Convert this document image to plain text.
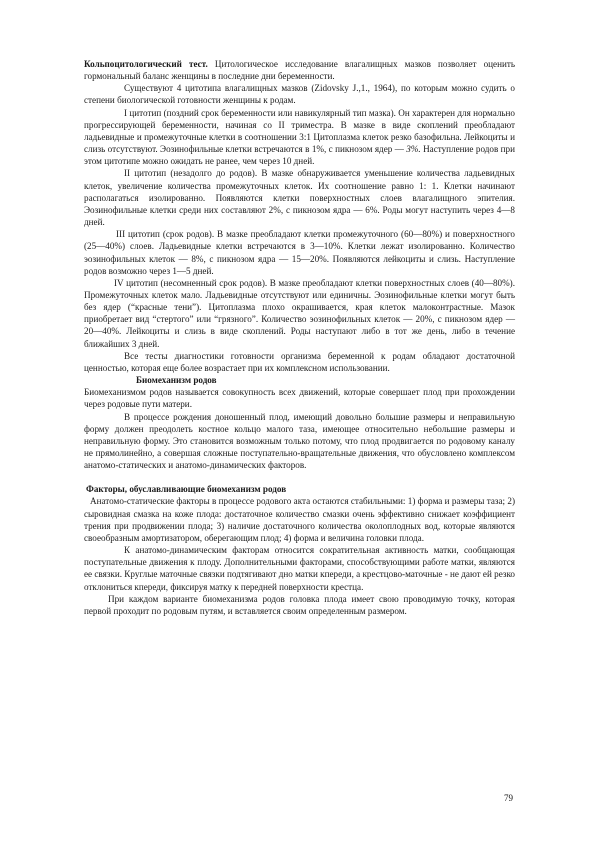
Кольпоцитологический тест. Цитологическое исследование влагалищных мазков позволяет оценить гормональный баланс женщины в последние дни беременности.

Существуют 4 цитотипа влагалищных мазков (Zidovsky J.,1., 1964), по которым можно судить о степени биологической готовности женщины к родам.

I цитотип (поздний срок беременности или навикулярный тип мазка). Он характерен для нормально прогрессирующей беременности, начиная со II триместра. В мазке в виде скоплений преобладают ладьевидные и промежуточные клетки в соотношении 3:1 Цитоплазма клеток резко базофильна. Лейкоциты и слизь отсутствуют. Эозинофильные клетки встречаются в 1%, с пикнозом ядер — 3%. Наступление родов при этом цитотипе можно ожидать не ранее, чем через 10 дней.

II цитотип (незадолго до родов). В мазке обнаруживается уменьшение количества ладьевидных клеток, увеличение количества промежуточных клеток. Их соотношение равно 1: 1. Клетки начинают располагаться изолированно. Появляются клетки поверхностных слоев влагалищного эпителия. Эозинофильные клетки среди них составляют 2%, с пикнозом ядра — 6%. Роды могут наступить через 4—8 дней.

III цитотип (срок родов). В мазке преобладают клетки промежуточного (60—80%) и поверхностного (25—40%) слоев. Ладьевидные клетки встречаются в 3—10%. Клетки лежат изолированно. Количество эозинофильных клеток — 8%, с пикнозом ядра — 15—20%. Появляются лейкоциты и слизь. Наступление родов возможно через 1—5 дней.

IV цитотип (несомненный срок родов). В мазке преобладают клетки поверхностных слоев (40—80%). Промежуточных клеток мало. Ладьевидные отсутствуют или единичны. Эозинофильные клетки могут быть без ядер (“красные тени”). Цитоплазма плохо окрашивается, края клеток малоконтрастные. Мазок приобретает вид “стертого” или “грязного”. Количество эозинофильных клеток — 20%, с пикнозом ядер — 20—40%. Лейкоциты и слизь в виде скоплений. Роды наступают либо в тот же день, либо в течение ближайших 3 дней.

Все тесты диагностики готовности организма беременной к родам обладают достаточной ценностью, которая еще более возрастает при их комплексном использовании.

Биомеханизм родов

Биомеханизмом родов называется совокупность всех движений, которые совершает плод при прохождении через родовые пути матери.

В процессе рождения доношенный плод, имеющий довольно большие размеры и неправильную форму должен преодолеть костное кольцо малого таза, имеющее относительно небольшие размеры и неправильную форму. Это становится возможным только потому, что плод продвигается по родовому каналу не прямолинейно, а совершая сложные поступательно-вращательные движения, что обусловлено комплексом анатомо-статических и анатомо-динамических факторов.

Факторы, обуславливающие биомеханизм родов

Анатомо-статические факторы в процессе родового акта остаются стабильными: 1) форма и размеры таза; 2) сыровидная смазка на коже плода: достаточное количество смазки очень эффективно снижает коэффициент трения при продвижении плода; 3) наличие достаточного количества околоплодных вод, которые являются своеобразным амортизатором, оберегающим плод; 4) форма и величина головки плода.

К анатомо-динамическим факторам относится сократительная активность матки, сообщающая поступательные движения к плоду. Дополнительными факторами, способствующими работе матки, являются ее связки. Круглые маточные связки подтягивают дно матки кпереди, а крестцово-маточные - не дают ей резко отклониться кпереди, фиксируя матку к передней поверхности крестца.

При каждом варианте биомеханизма родов головка плода имеет свою проводимую точку, которая первой проходит по родовым путям, и вставляется своим определенным размером.

79
